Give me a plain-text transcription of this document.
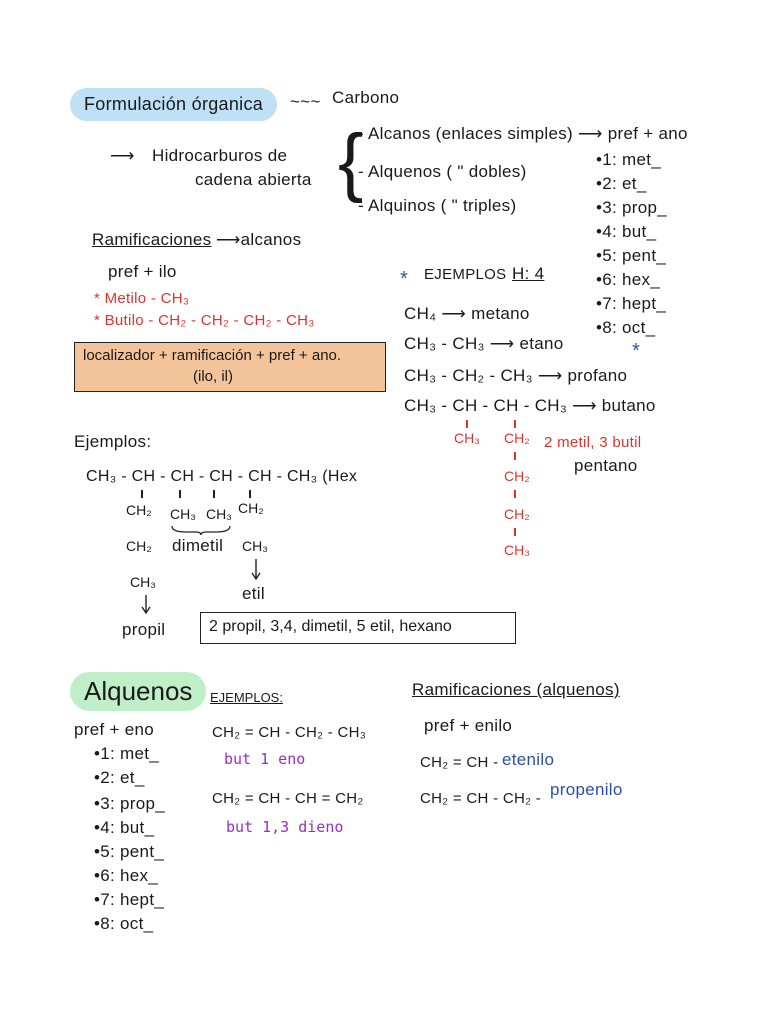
Formulación órganica	~~~ Carbono
⟶ Hidrocarburos de
cadena abierta {
- Alcanos (enlaces simples) ⟶ pref + ano
- Alquenos ( " dobles)
- Alquinos ( " triples)
•1: met_
•2: et_
•3: prop_
•4: but_
•5: pent_
•6: hex_
•7: hept_
•8: oct_
*
Ramificaciones ⟶alcanos
pref + ilo
* Metilo - CH₃
* Butilo - CH₂ - CH₂ - CH₂ - CH₃
localizador + ramificación + pref + ano.
(ilo, il)
* EJEMPLOS H: 4
CH₄ ⟶ metano
CH₃ - CH₃ ⟶ etano
CH₃ - CH₂ - CH₃ ⟶ profano
CH₃ - CH - CH - CH₃ ⟶ butano
CH₃ CH₂
CH₂
CH₂
CH₃
2 metil, 3 butil
pentano
Ejemplos:
CH₃ - CH - CH - CH - CH - CH₃ (Hex
CH₂ CH₃ CH₃ CH₂
CH₂ dimetil CH₃
CH₃
propil
etil
2 propil, 3,4, dimetil, 5 etil, hexano
Alquenos
pref + eno
•1: met_
•2: et_
•3: prop_
•4: but_
•5: pent_
•6: hex_
•7: hept_
•8: oct_
EJEMPLOS:
CH₂ = CH - CH₂ - CH₃
but 1 eno
CH₂ = CH - CH = CH₂
but 1,3 dieno
Ramificaciones (alquenos)
pref + enilo
CH₂ = CH - etenilo
CH₂ = CH - CH₂ - propenilo
